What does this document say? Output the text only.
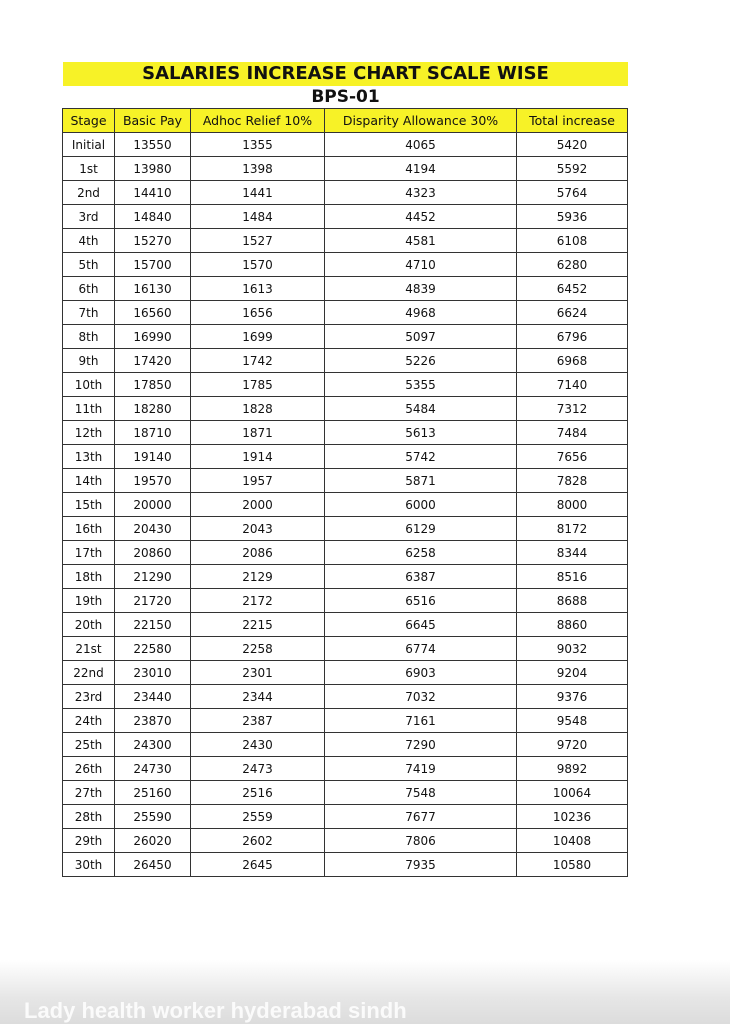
SALARIES INCREASE CHART SCALE WISE
BPS-01
Stage	Basic Pay	Adhoc Relief 10%	Disparity Allowance 30%	Total increase
Initial	13550	1355	4065	5420
1st	13980	1398	4194	5592
2nd	14410	1441	4323	5764
3rd	14840	1484	4452	5936
4th	15270	1527	4581	6108
5th	15700	1570	4710	6280
6th	16130	1613	4839	6452
7th	16560	1656	4968	6624
8th	16990	1699	5097	6796
9th	17420	1742	5226	6968
10th	17850	1785	5355	7140
11th	18280	1828	5484	7312
12th	18710	1871	5613	7484
13th	19140	1914	5742	7656
14th	19570	1957	5871	7828
15th	20000	2000	6000	8000
16th	20430	2043	6129	8172
17th	20860	2086	6258	8344
18th	21290	2129	6387	8516
19th	21720	2172	6516	8688
20th	22150	2215	6645	8860
21st	22580	2258	6774	9032
22nd	23010	2301	6903	9204
23rd	23440	2344	7032	9376
24th	23870	2387	7161	9548
25th	24300	2430	7290	9720
26th	24730	2473	7419	9892
27th	25160	2516	7548	10064
28th	25590	2559	7677	10236
29th	26020	2602	7806	10408
30th	26450	2645	7935	10580
Lady health worker hyderabad sindh
